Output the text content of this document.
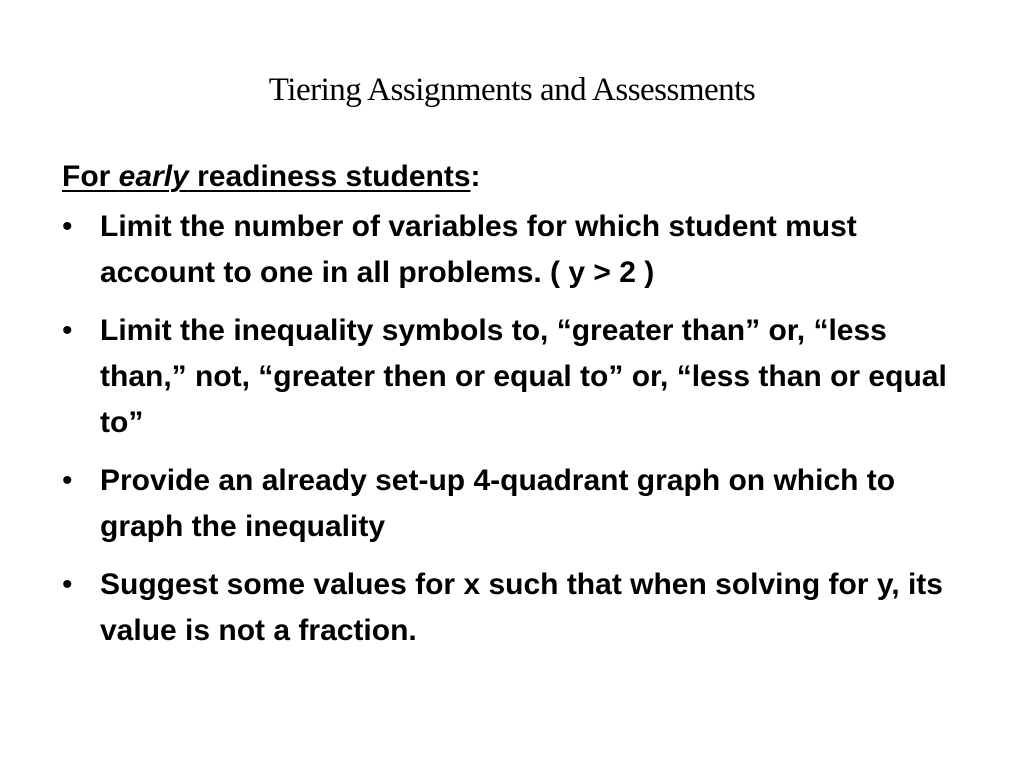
Tiering Assignments and Assessments
For early readiness students:
• Limit the number of variables for which student must account to one in all problems. ( y > 2 )
• Limit the inequality symbols to, “greater than” or, “less than,” not, “greater then or equal to” or, “less than or equal to”
• Provide an already set-up 4-quadrant graph on which to graph the inequality
• Suggest some values for x such that when solving for y, its value is not a fraction.
